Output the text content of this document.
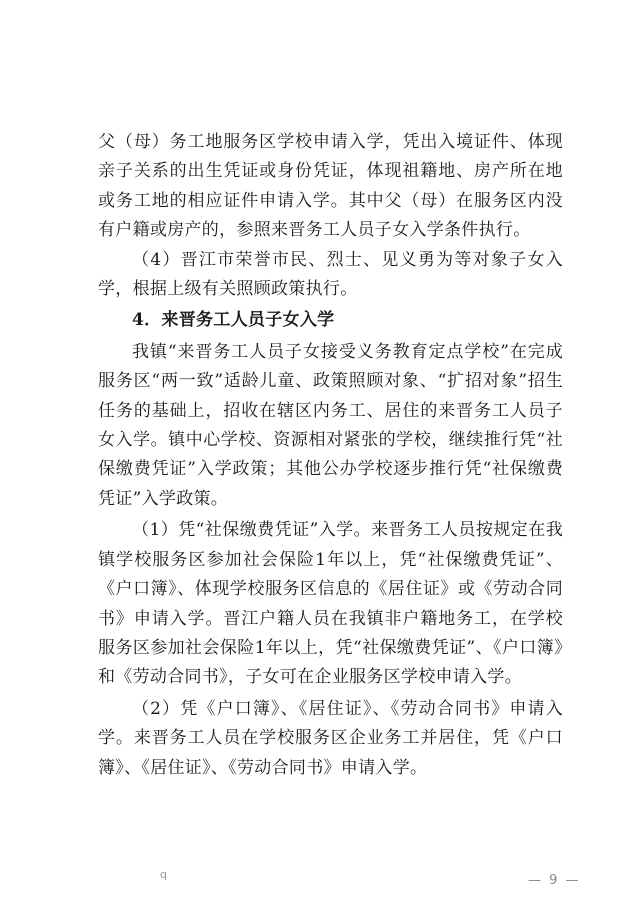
父（母）务工地服务区学校申请入学，凭出入境证件、体现亲子关系的出生凭证或身份凭证，体现祖籍地、房产所在地或务工地的相应证件申请入学。其中父（母）在服务区内没有户籍或房产的，参照来晋务工人员子女入学条件执行。

（4）晋江市荣誉市民、烈士、见义勇为等对象子女入学，根据上级有关照顾政策执行。

4．来晋务工人员子女入学

我镇“来晋务工人员子女接受义务教育定点学校”在完成服务区“两一致”适龄儿童、政策照顾对象、“扩招对象”招生任务的基础上，招收在辖区内务工、居住的来晋务工人员子女入学。镇中心学校、资源相对紧张的学校，继续推行凭“社保缴费凭证”入学政策；其他公办学校逐步推行凭“社保缴费凭证”入学政策。

（1）凭“社保缴费凭证”入学。来晋务工人员按规定在我镇学校服务区参加社会保险1年以上，凭“社保缴费凭证”、《户口簿》、体现学校服务区信息的《居住证》或《劳动合同书》申请入学。晋江户籍人员在我镇非户籍地务工，在学校服务区参加社会保险1年以上，凭“社保缴费凭证”、《户口簿》和《劳动合同书》，子女可在企业服务区学校申请入学。

（2）凭《户口簿》、《居住证》、《劳动合同书》申请入学。来晋务工人员在学校服务区企业务工并居住，凭《户口簿》、《居住证》、《劳动合同书》申请入学。

q	— 9 —
